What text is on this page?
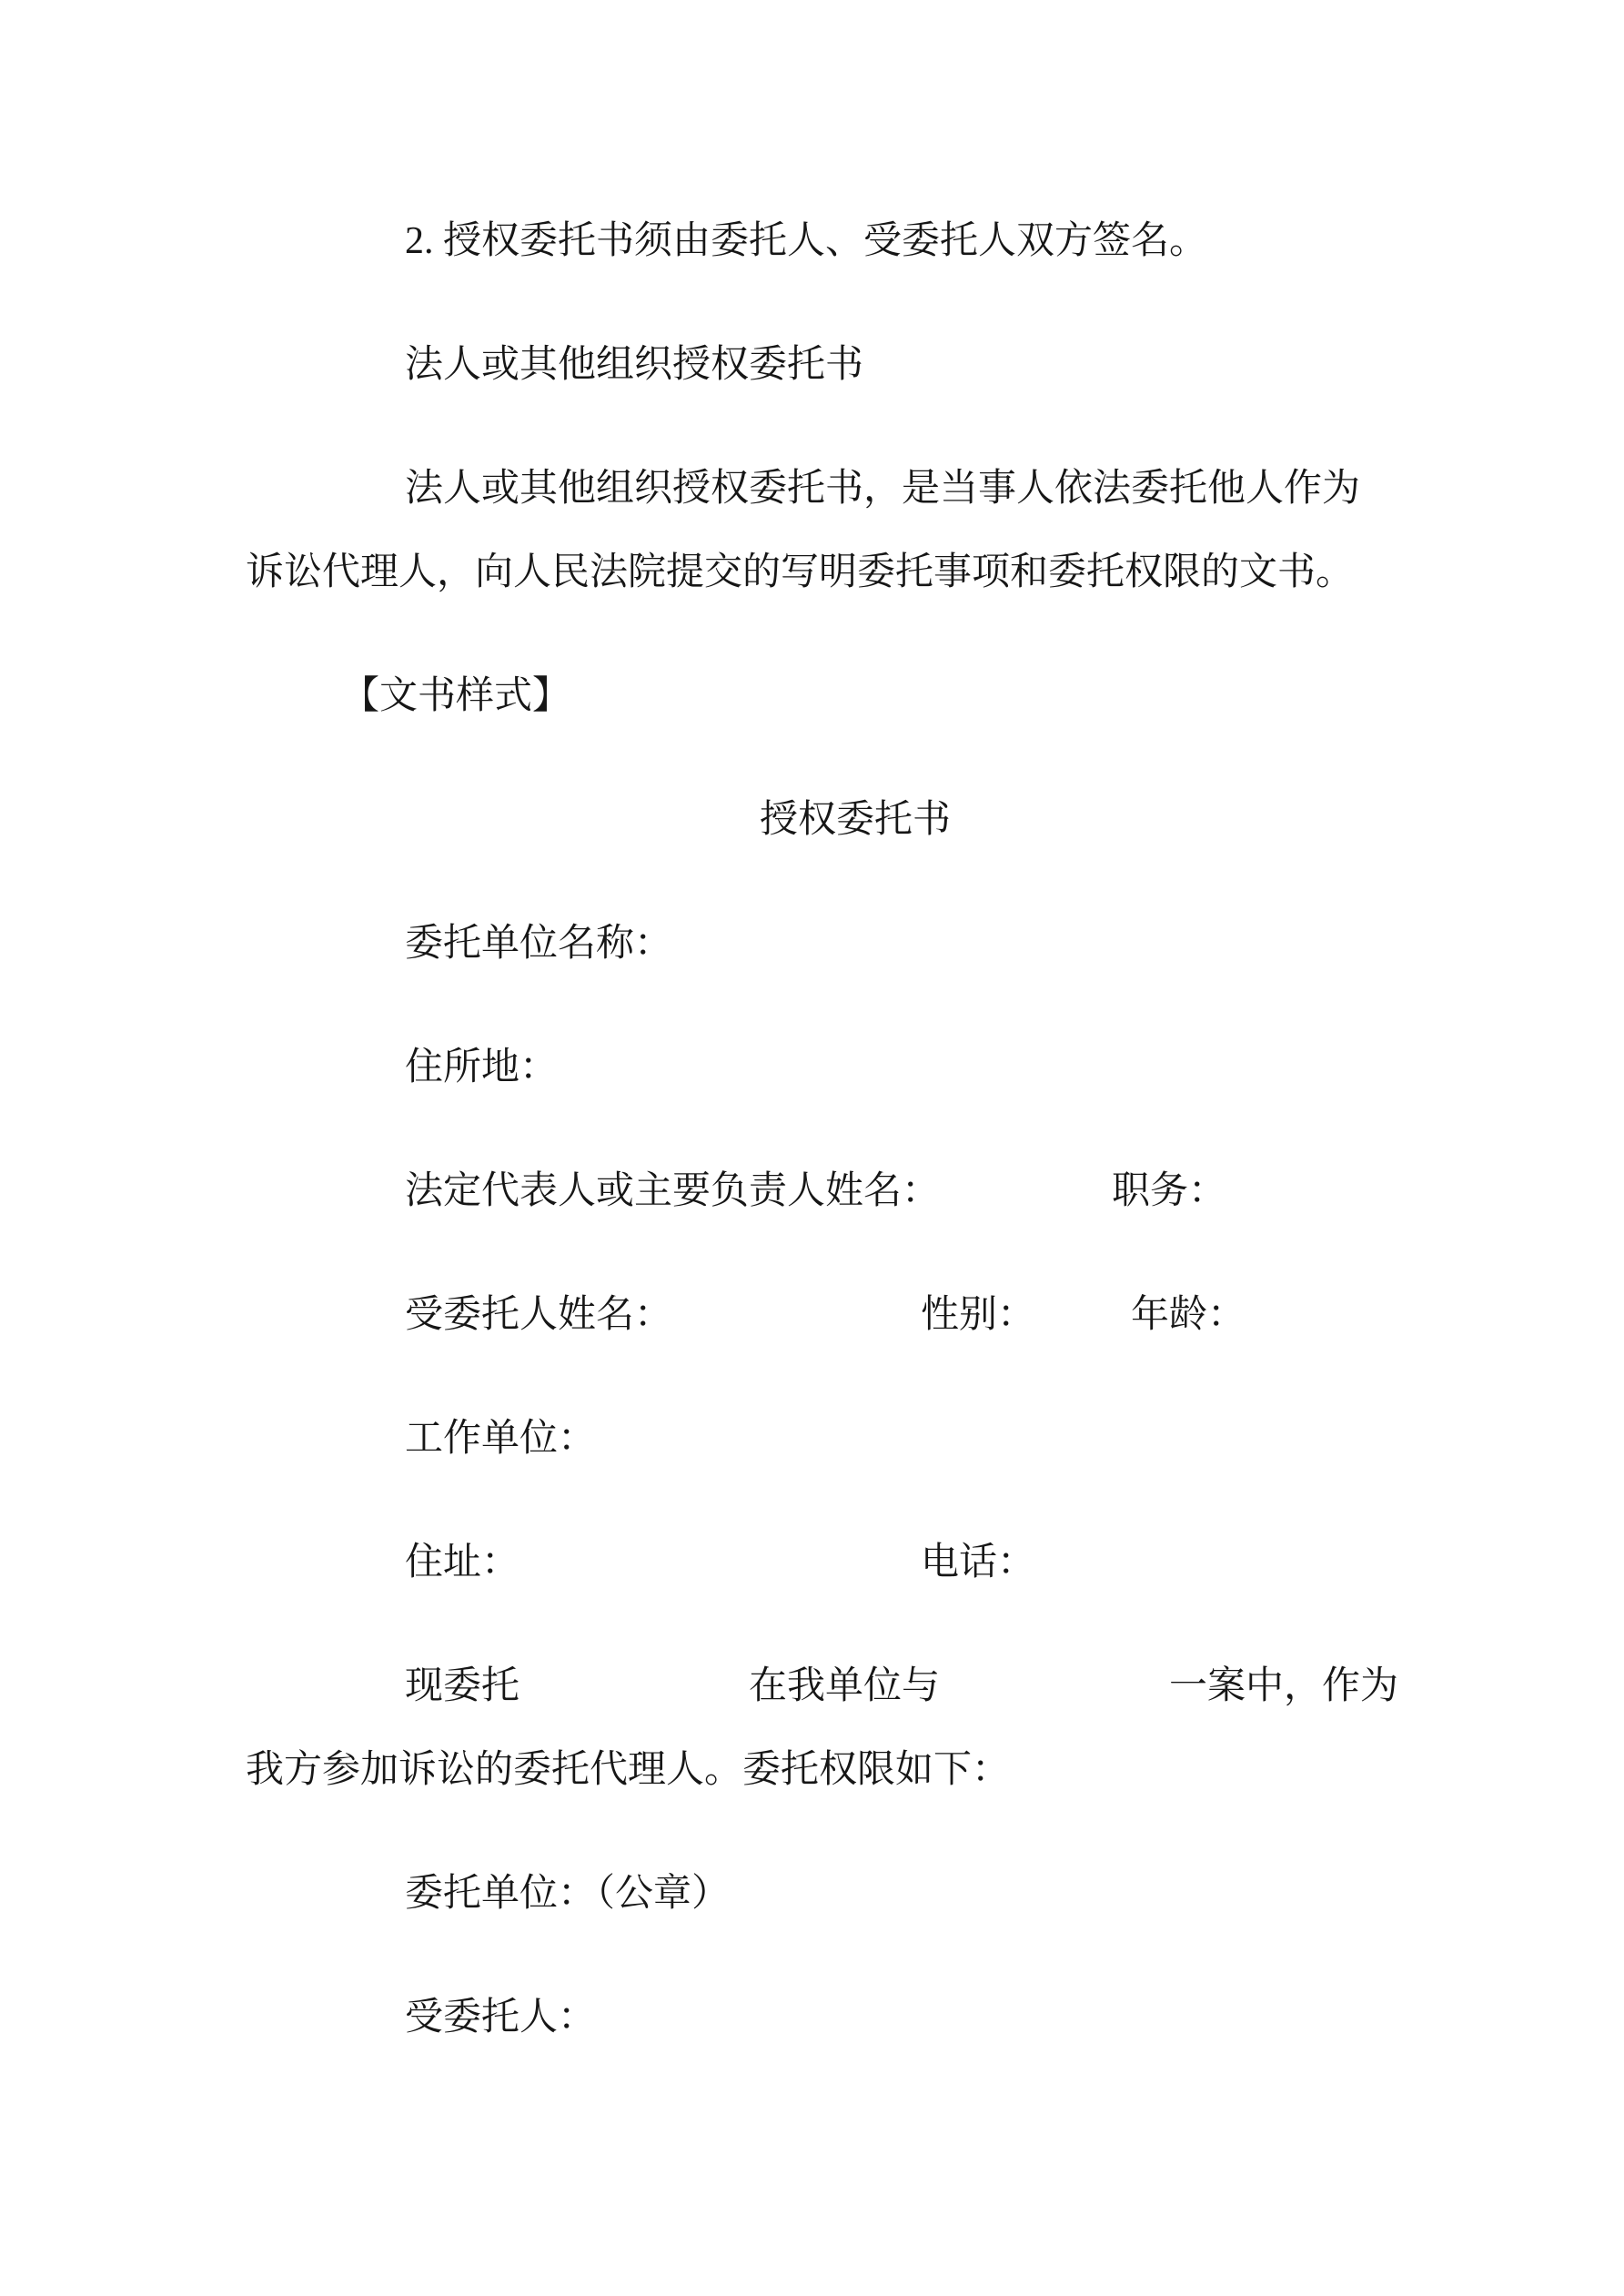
2. 授权委托书须由委托人、受委托人双方签名。
法人或其他组织授权委托书
法人或其他组织授权委托书，是当事人依法委托他人作为
诉讼代理人，向人民法院提交的写明委托事项和委托权限的文书。
【文书样式】
授权委托书
委托单位名称：
住所地：
法定代表人或主要负责人姓名：　　　　　职务：
受委托人姓名：　　　　　　　性别：　　　年龄：
工作单位：
住址：　　　　　　　　　　　电话：
现委托　　　　　　在我单位与　　　　　　一案中，作为
我方参加诉讼的委托代理人。委托权限如下：
委托单位：（公章）
受委托人：
